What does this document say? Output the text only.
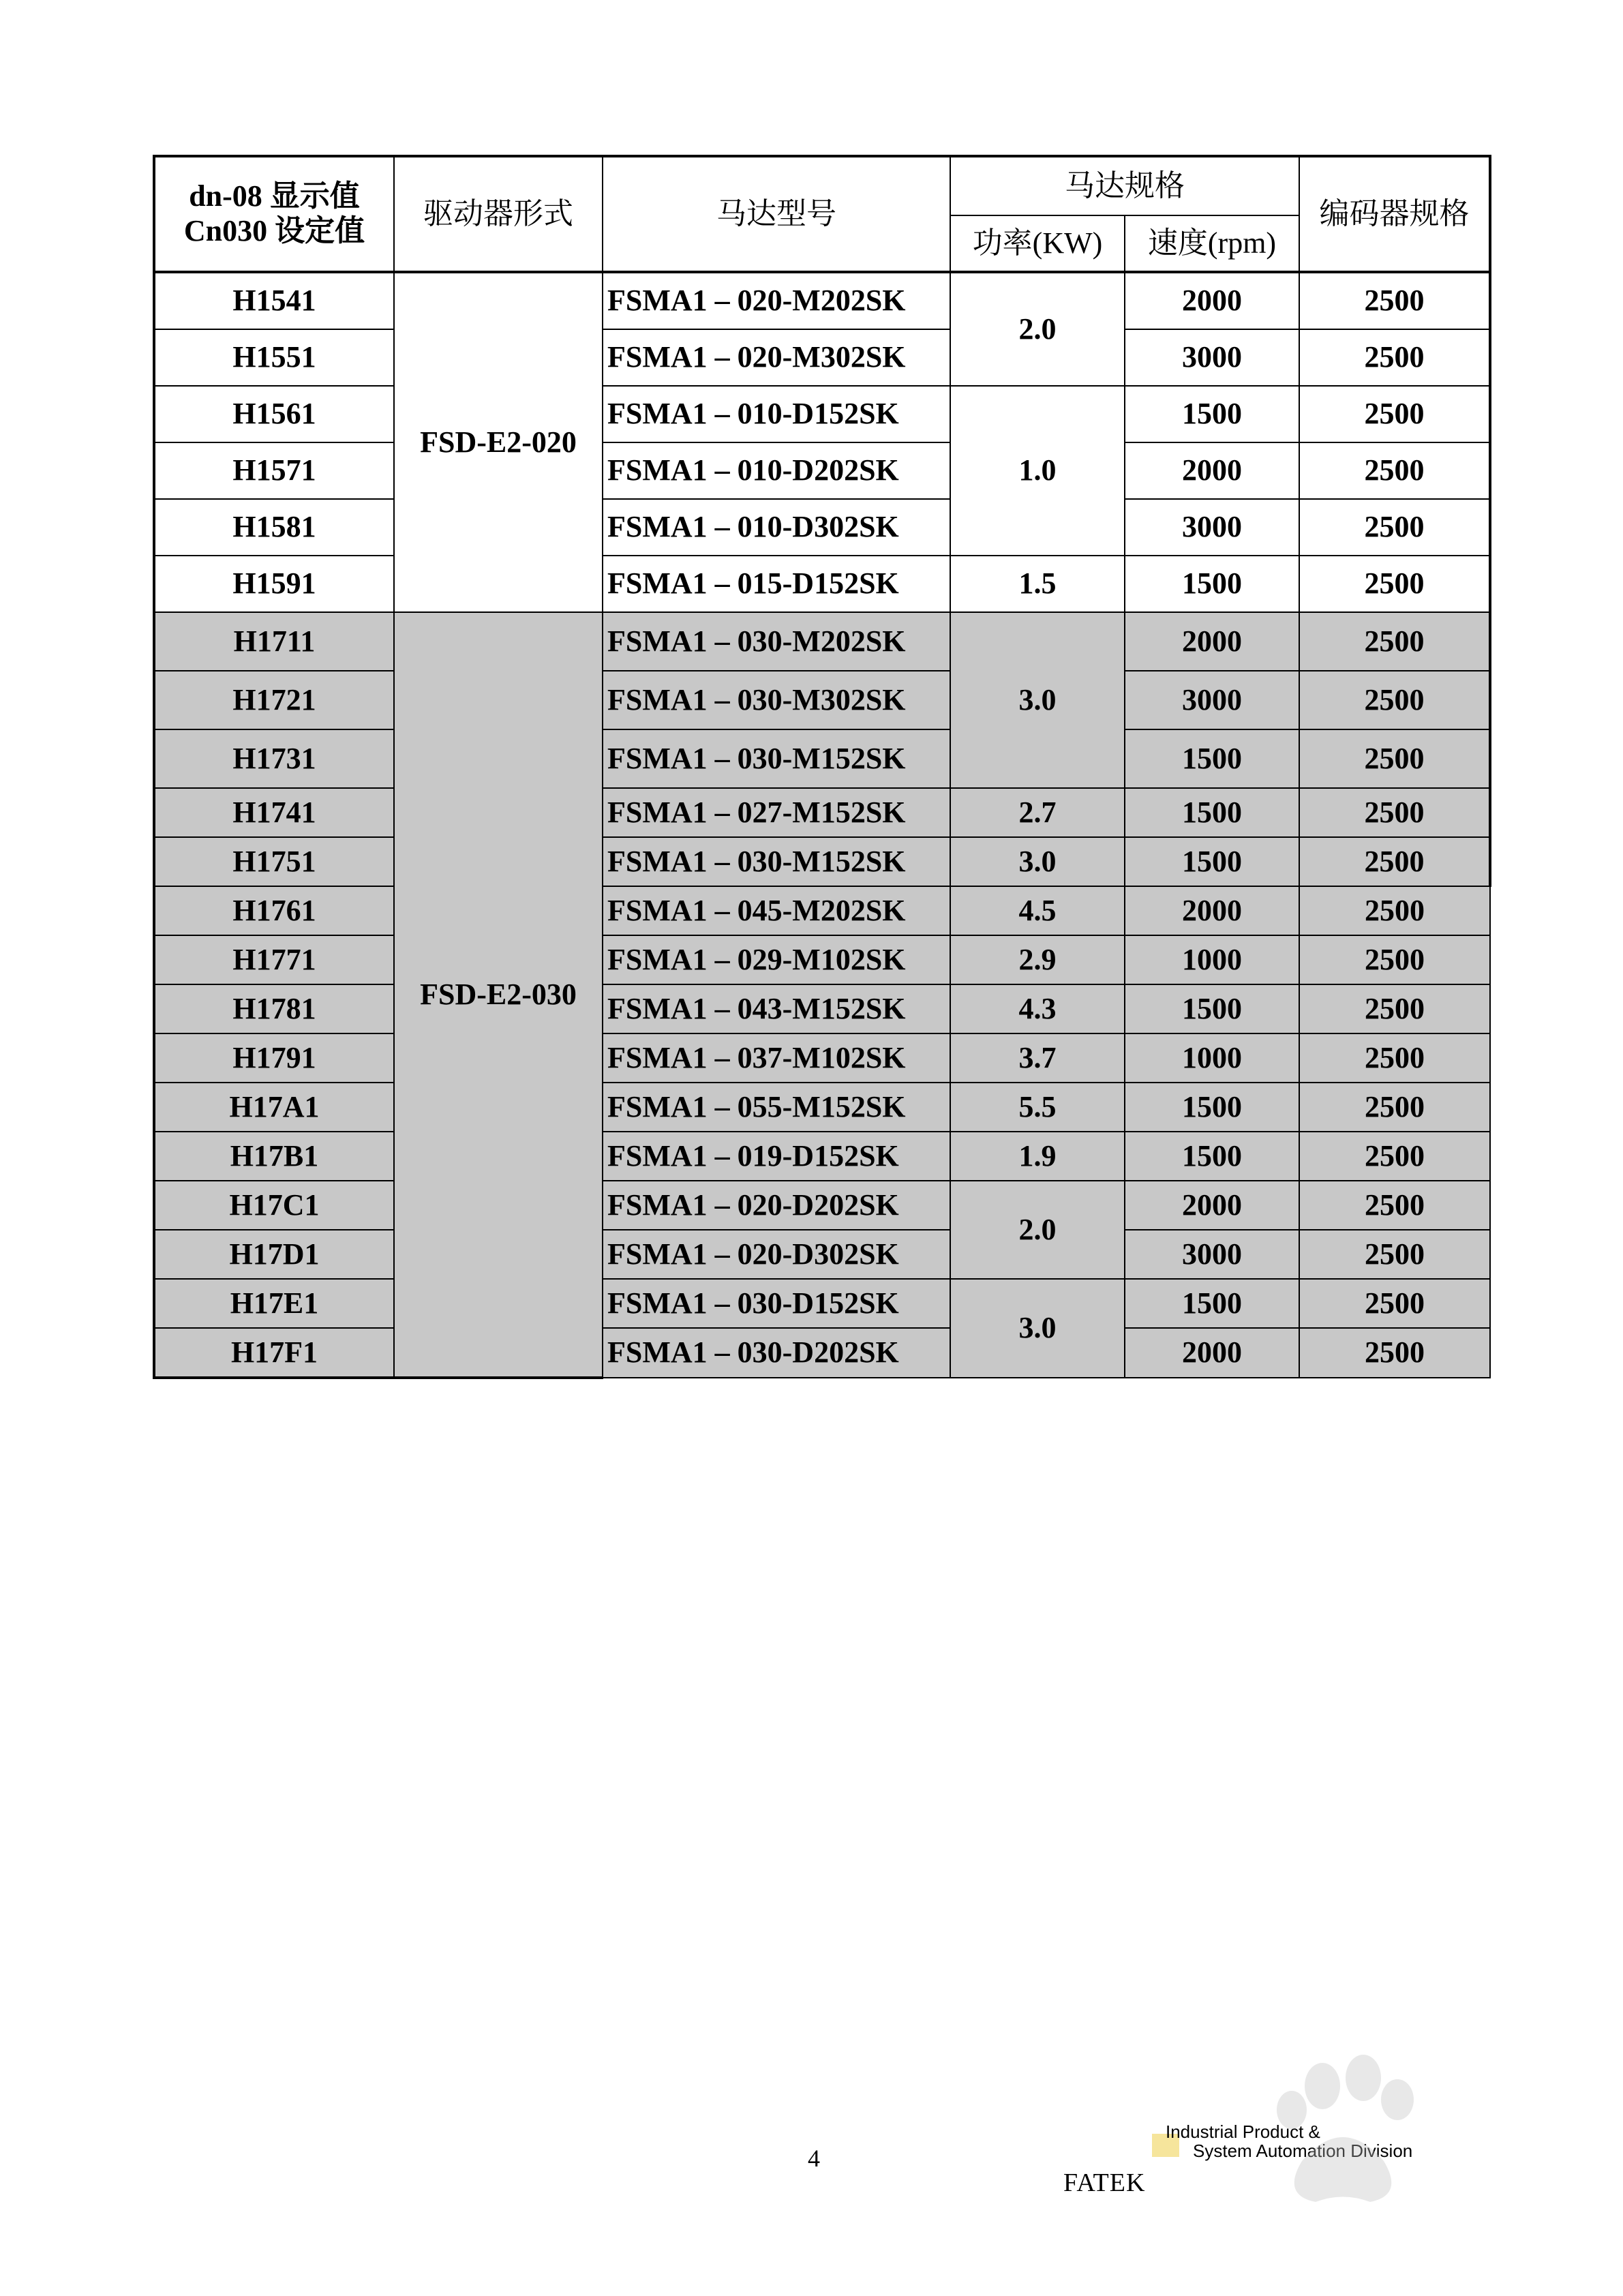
dn-08 显示值
Cn030 设定值	驱动器形式	马达型号	马达规格		编码器规格
			功率(KW)	速度(rpm)	
H1541	FSD-E2-020	FSMA1 – 020-M202SK	2.0	2000	2500
H1551		FSMA1 – 020-M302SK		3000	2500
H1561		FSMA1 – 010-D152SK	1.0	1500	2500
H1571		FSMA1 – 010-D202SK		2000	2500
H1581		FSMA1 – 010-D302SK		3000	2500
H1591		FSMA1 – 015-D152SK	1.5	1500	2500
H1711	FSD-E2-030	FSMA1 – 030-M202SK	3.0	2000	2500
H1721		FSMA1 – 030-M302SK		3000	2500
H1731		FSMA1 – 030-M152SK		1500	2500
H1741		FSMA1 – 027-M152SK	2.7	1500	2500
H1751		FSMA1 – 030-M152SK	3.0	1500	2500
H1761		FSMA1 – 045-M202SK	4.5	2000	2500
H1771		FSMA1 – 029-M102SK	2.9	1000	2500
H1781		FSMA1 – 043-M152SK	4.3	1500	2500
H1791		FSMA1 – 037-M102SK	3.7	1000	2500
H17A1		FSMA1 – 055-M152SK	5.5	1500	2500
H17B1		FSMA1 – 019-D152SK	1.9	1500	2500
H17C1		FSMA1 – 020-D202SK	2.0	2000	2500
H17D1		FSMA1 – 020-D302SK		3000	2500
H17E1		FSMA1 – 030-D152SK	3.0	1500	2500
H17F1		FSMA1 – 030-D202SK		2000	2500
4
FATEK
Industrial Product &
System Automation Division
